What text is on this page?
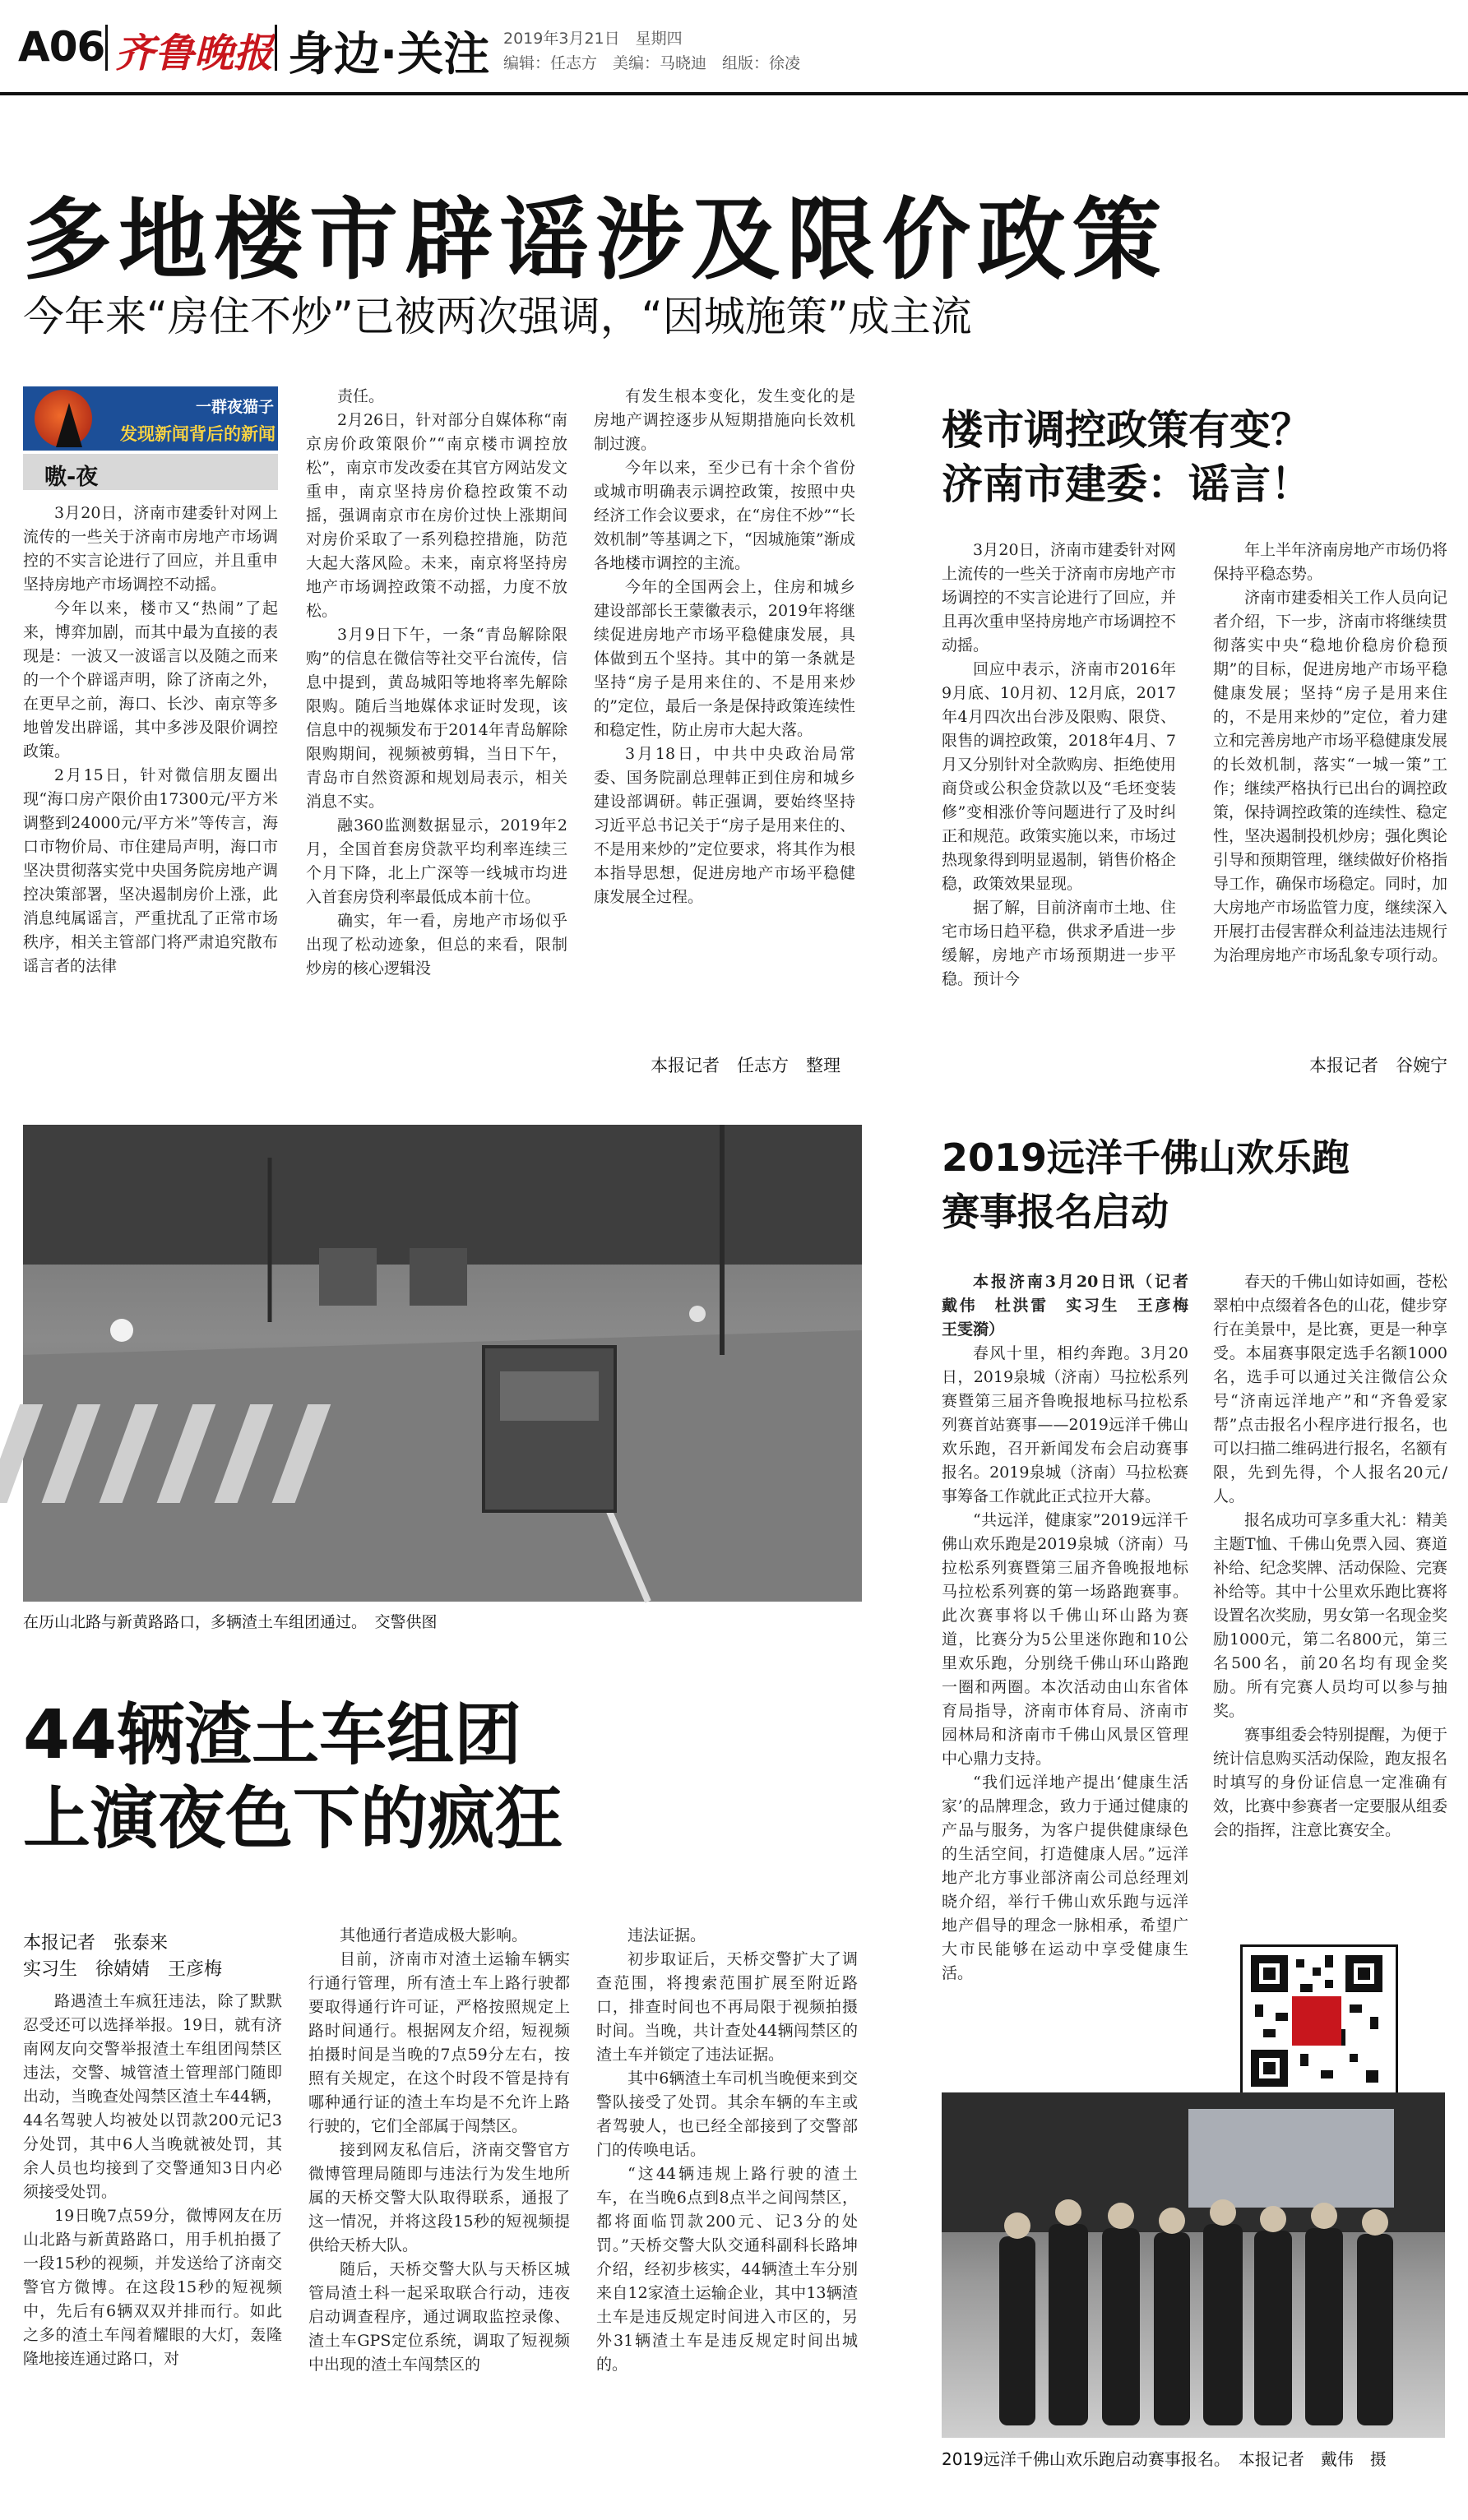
A06 齐鲁晚报 身边·关注 2019年3月21日　星期四
编辑：任志方　美编：马晓迪　组版：徐凌
多地楼市辟谣涉及限价政策
今年来“房住不炒”已被两次强调，“因城施策”成主流
一群夜猫子
发现新闻背后的新闻
嗷-夜

3月20日，济南市建委针对网上流传的一些关于济南市房地产市场调控的不实言论进行了回应，并且重申坚持房地产市场调控不动摇。

今年以来，楼市又“热闹”了起来，博弈加剧，而其中最为直接的表现是：一波又一波谣言以及随之而来的一个个辟谣声明，除了济南之外，在更早之前，海口、长沙、南京等多地曾发出辟谣，其中多涉及限价调控政策。

2月15日，针对微信朋友圈出现“海口房产限价由17300元/平方米调整到24000元/平方米”等传言，海口市物价局、市住建局声明，海口市坚决贯彻落实党中央国务院房地产调控决策部署，坚决遏制房价上涨，此消息纯属谣言，严重扰乱了正常市场秩序，相关主管部门将严肃追究散布谣言者的法律

责任。

2月26日，针对部分自媒体称“南京房价政策限价”“南京楼市调控放松”，南京市发改委在其官方网站发文重申，南京坚持房价稳控政策不动摇，强调南京市在房价过快上涨期间对房价采取了一系列稳控措施，防范大起大落风险。未来，南京将坚持房地产市场调控政策不动摇，力度不放松。

3月9日下午，一条“青岛解除限购”的信息在微信等社交平台流传，信息中提到，黄岛城阳等地将率先解除限购。随后当地媒体求证时发现，该信息中的视频发布于2014年青岛解除限购期间，视频被剪辑，当日下午，青岛市自然资源和规划局表示，相关消息不实。

融360监测数据显示，2019年2月，全国首套房贷款平均利率连续三个月下降，北上广深等一线城市均进入首套房贷利率最低成本前十位。

确实，年一看，房地产市场似乎出现了松动迹象，但总的来看，限制炒房的核心逻辑没

有发生根本变化，发生变化的是房地产调控逐步从短期措施向长效机制过渡。

今年以来，至少已有十余个省份或城市明确表示调控政策，按照中央经济工作会议要求，在“房住不炒”“长效机制”等基调之下，“因城施策”渐成各地楼市调控的主流。

今年的全国两会上，住房和城乡建设部部长王蒙徽表示，2019年将继续促进房地产市场平稳健康发展，具体做到五个坚持。其中的第一条就是坚持“房子是用来住的、不是用来炒的”定位，最后一条是保持政策连续性和稳定性，防止房市大起大落。

3月18日，中共中央政治局常委、国务院副总理韩正到住房和城乡建设部调研。韩正强调，要始终坚持习近平总书记关于“房子是用来住的、不是用来炒的”定位要求，将其作为根本指导思想，促进房地产市场平稳健康发展全过程。

本报记者　任志方　整理
楼市调控政策有变？
济南市建委：谣言！

3月20日，济南市建委针对网上流传的一些关于济南市房地产市场调控的不实言论进行了回应，并且再次重申坚持房地产市场调控不动摇。

回应中表示，济南市2016年9月底、10月初、12月底，2017年4月四次出台涉及限购、限贷、限售的调控政策，2018年4月、7月又分别针对全款购房、拒绝使用商贷或公积金贷款以及“毛坯变装修”变相涨价等问题进行了及时纠正和规范。政策实施以来，市场过热现象得到明显遏制，销售价格企稳，政策效果显现。

据了解，目前济南市土地、住宅市场日趋平稳，供求矛盾进一步缓解，房地产市场预期进一步平稳。预计今

年上半年济南房地产市场仍将保持平稳态势。

济南市建委相关工作人员向记者介绍，下一步，济南市将继续贯彻落实中央“稳地价稳房价稳预期”的目标，促进房地产市场平稳健康发展；坚持“房子是用来住的，不是用来炒的”定位，着力建立和完善房地产市场平稳健康发展的长效机制，落实“一城一策”工作；继续严格执行已出台的调控政策，保持调控政策的连续性、稳定性，坚决遏制投机炒房；强化舆论引导和预期管理，继续做好价格指导工作，确保市场稳定。同时，加大房地产市场监管力度，继续深入开展打击侵害群众利益违法违规行为治理房地产市场乱象专项行动。

本报记者　谷婉宁
在历山北路与新黄路路口，多辆渣土车组团通过。　交警供图
44辆渣土车组团
上演夜色下的疯狂
本报记者　张泰来
实习生　徐婧婧　王彦梅

路遇渣土车疯狂违法，除了默默忍受还可以选择举报。19日，就有济南网友向交警举报渣土车组团闯禁区违法，交警、城管渣土管理部门随即出动，当晚查处闯禁区渣土车44辆，44名驾驶人均被处以罚款200元记3分处罚，其中6人当晚就被处罚，其余人员也均接到了交警通知3日内必须接受处罚。

19日晚7点59分，微博网友在历山北路与新黄路路口，用手机拍摄了一段15秒的视频，并发送给了济南交警官方微博。在这段15秒的短视频中，先后有6辆双双并排而行。如此之多的渣土车闯着耀眼的大灯，轰隆隆地接连通过路口，对

其他通行者造成极大影响。

目前，济南市对渣土运输车辆实行通行管理，所有渣土车上路行驶都要取得通行许可证，严格按照规定上路时间通行。根据网友介绍，短视频拍摄时间是当晚的7点59分左右，按照有关规定，在这个时段不管是持有哪种通行证的渣土车均是不允许上路行驶的，它们全部属于闯禁区。

接到网友私信后，济南交警官方微博管理局随即与违法行为发生地所属的天桥交警大队取得联系，通报了这一情况，并将这段15秒的短视频提供给天桥大队。

随后，天桥交警大队与天桥区城管局渣土科一起采取联合行动，违夜启动调查程序，通过调取监控录像、渣土车GPS定位系统，调取了短视频中出现的渣土车闯禁区的

违法证据。

初步取证后，天桥交警扩大了调查范围，将搜索范围扩展至附近路口，排查时间也不再局限于视频拍摄时间。当晚，共计查处44辆闯禁区的渣土车并锁定了违法证据。

其中6辆渣土车司机当晚便来到交警队接受了处罚。其余车辆的车主或者驾驶人，也已经全部接到了交警部门的传唤电话。

“这44辆违规上路行驶的渣土车，在当晚6点到8点半之间闯禁区，都将面临罚款200元、记3分的处罚。”天桥交警大队交通科副科长路坤介绍，经初步核实，44辆渣土车分别来自12家渣土运输企业，其中13辆渣土车是违反规定时间进入市区的，另外31辆渣土车是违反规定时间出城的。

2019远洋千佛山欢乐跑
赛事报名启动

本报济南3月20日讯（记者　戴伟　杜洪雷　实习生　王彦梅　王雯漪）

春风十里，相约奔跑。3月20日，2019泉城（济南）马拉松系列赛暨第三届齐鲁晚报地标马拉松系列赛首站赛事——2019远洋千佛山欢乐跑，召开新闻发布会启动赛事报名。2019泉城（济南）马拉松赛事筹备工作就此正式拉开大幕。

“共远洋，健康家”2019远洋千佛山欢乐跑是2019泉城（济南）马拉松系列赛暨第三届齐鲁晚报地标马拉松系列赛的第一场路跑赛事。此次赛事将以千佛山环山路为赛道，比赛分为5公里迷你跑和10公里欢乐跑，分别绕千佛山环山路跑一圈和两圈。本次活动由山东省体育局指导，济南市体育局、济南市园林局和济南市千佛山风景区管理中心鼎力支持。

“我们远洋地产提出‘健康生活家’的品牌理念，致力于通过健康的产品与服务，为客户提供健康绿色的生活空间，打造健康人居。”远洋地产北方事业部济南公司总经理刘晓介绍，举行千佛山欢乐跑与远洋地产倡导的理念一脉相承，希望广大市民能够在运动中享受健康生活。

春天的千佛山如诗如画，苍松翠柏中点缀着各色的山花，健步穿行在美景中，是比赛，更是一种享受。本届赛事限定选手名额1000名，选手可以通过关注微信公众号“济南远洋地产”和“齐鲁爱家帮”点击报名小程序进行报名，也可以扫描二维码进行报名，名额有限，先到先得，个人报名20元/人。

报名成功可享多重大礼：精美主题T恤、千佛山免票入园、赛道补给、纪念奖牌、活动保险、完赛补给等。其中十公里欢乐跑比赛将设置名次奖励，男女第一名现金奖励1000元，第二名800元，第三名500名，前20名均有现金奖励。所有完赛人员均可以参与抽奖。

赛事组委会特别提醒，为便于统计信息购买活动保险，跑友报名时填写的身份证信息一定准确有效，比赛中参赛者一定要服从组委会的指挥，注意比赛安全。

2019远洋千佛山欢乐跑启动赛事报名。　本报记者　戴伟　摄
